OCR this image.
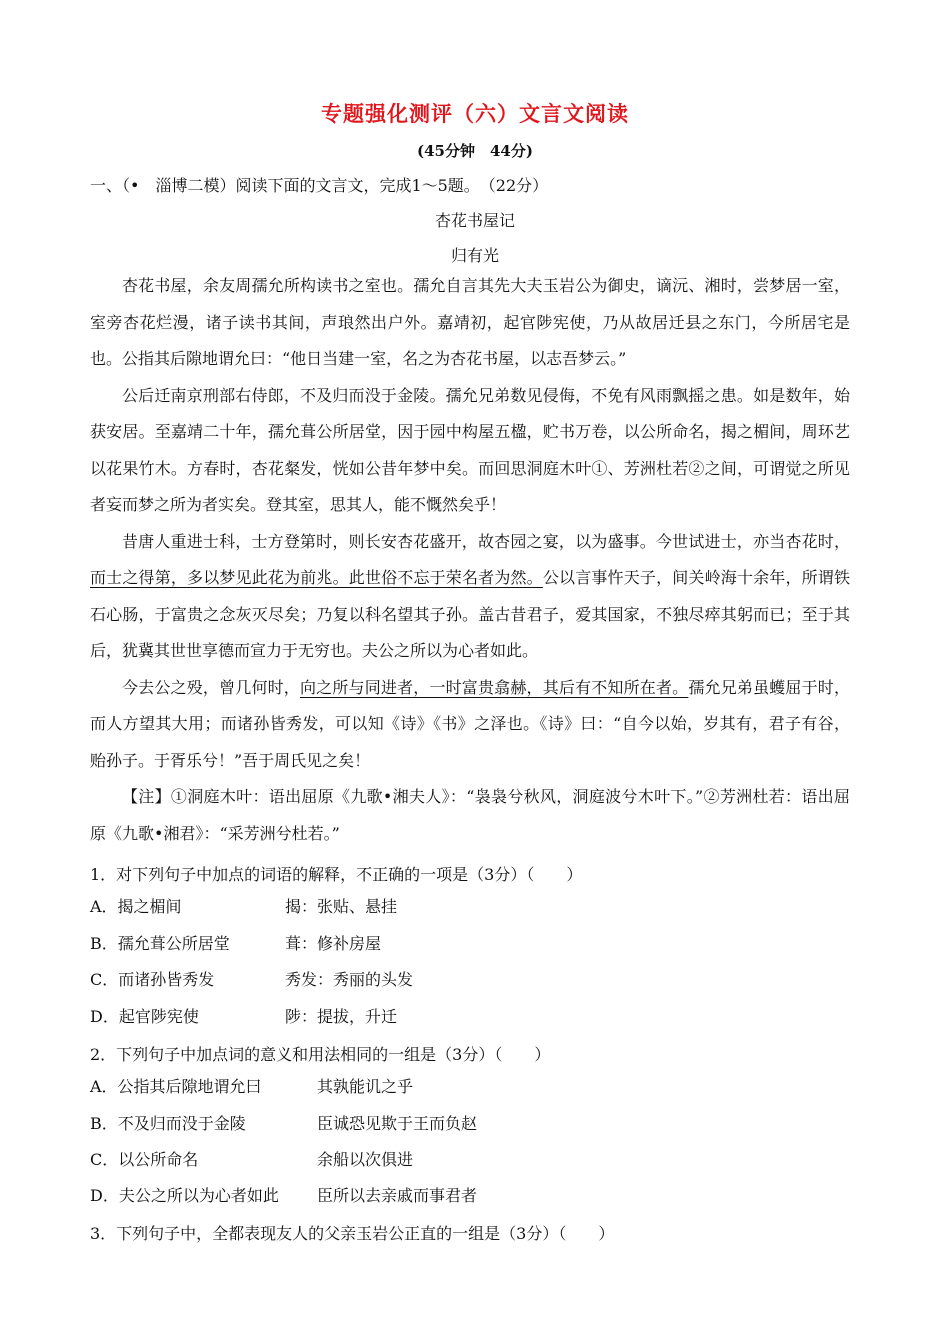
专题强化测评（六）文言文阅读
(45分钟　44分)
一、（•　淄博二模）阅读下面的文言文，完成1～5题。　（22分）
杏花书屋记
归有光

杏花书屋，余友周孺允所构读书之室也。孺允自言其先大夫玉岩公为御史，谪沅、湘时，尝梦居一室，室旁杏花烂漫，诸子读书其间，声琅然出户外。嘉靖初，起官陟宪使，乃从故居迁县之东门，今所居宅是也。公指其后隙地谓允曰：“他日当建一室，名之为杏花书屋，以志吾梦云。”

公后迁南京刑部右侍郎，不及归而没于金陵。孺允兄弟数见侵侮，不免有风雨飘摇之患。如是数年，始获安居。至嘉靖二十年，孺允葺公所居堂，因于园中构屋五楹，贮书万卷，以公所命名，揭之楣间，周环艺以花果竹木。方春时，杏花粲发，恍如公昔年梦中矣。而回思洞庭木叶①、芳洲杜若②之间，可谓觉之所见者妄而梦之所为者实矣。登其室，思其人，能不慨然矣乎！

昔唐人重进士科，士方登第时，则长安杏花盛开，故杏园之宴，以为盛事。今世试进士，亦当杏花时，而士之得第，多以梦见此花为前兆。此世俗不忘于荣名者为然。公以言事忤天子，间关岭海十余年，所谓铁石心肠，于富贵之念灰灭尽矣；乃复以科名望其子孙。盖古昔君子，爱其国家，不独尽瘁其躬而已；至于其后，犹冀其世世享德而宣力于无穷也。夫公之所以为心者如此。

今去公之殁，曾几何时，向之所与同进者，一时富贵翕赫，其后有不知所在者。孺允兄弟虽蠖屈于时，而人方望其大用；而诸孙皆秀发，可以知《诗》《书》之泽也。《诗》曰：“自今以始，岁其有，君子有谷，贻孙子。于胥乐兮！”吾于周氏见之矣！

【注】①洞庭木叶：语出屈原《九歌•湘夫人》：“袅袅兮秋风，洞庭波兮木叶下。”②芳洲杜若：语出屈原《九歌•湘君》：“采芳洲兮杜若。”

1．对下列句子中加点的词语的解释，不正确的一项是（3分）（　　）
A．揭之楣间	揭：张贴、悬挂
B．孺允葺公所居堂	葺：修补房屋
C．而诸孙皆秀发	秀发：秀丽的头发
D．起官陟宪使	陟：提拔，升迁
2．下列句子中加点词的意义和用法相同的一组是（3分）（　　）
A．公指其后隙地谓允曰	其孰能讥之乎
B．不及归而没于金陵	臣诚恐见欺于王而负赵
C．以公所命名	余船以次俱进
D．夫公之所以为心者如此 臣所以去亲戚而事君者
3．下列句子中，全都表现友人的父亲玉岩公正直的一组是（3分）（　　）
